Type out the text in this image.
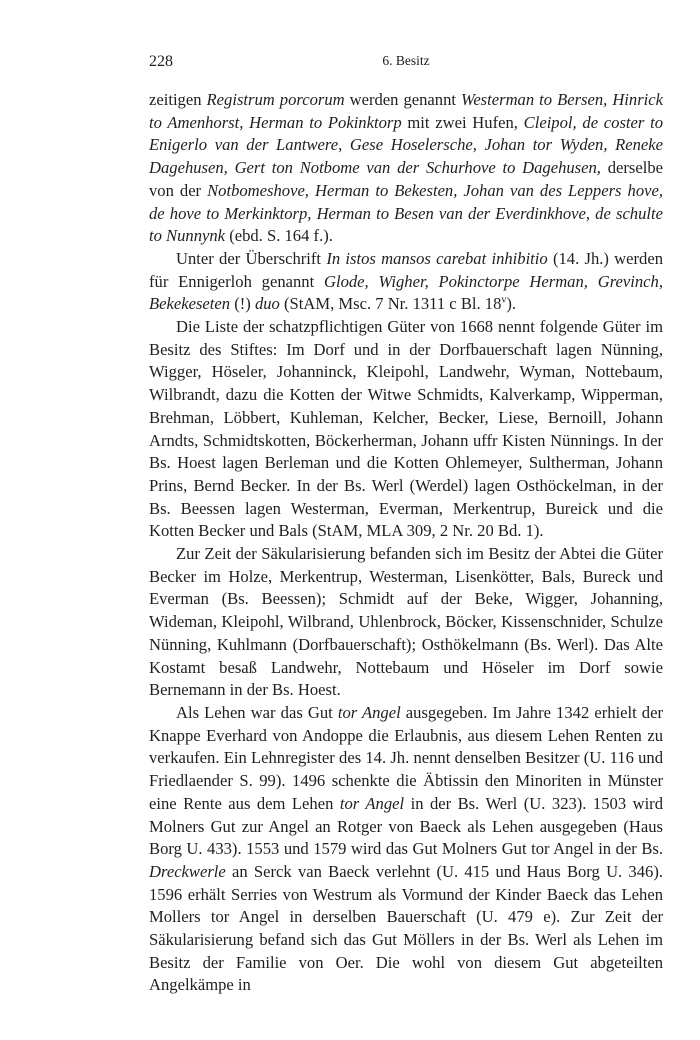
228	6. Besitz

zeitigen Registrum porcorum werden genannt Westerman to Bersen, Hinrick to Amenhorst, Herman to Pokinktorp mit zwei Hufen, Cleipol, de coster to Enigerlo van der Lantwere, Gese Hoselersche, Johan tor Wyden, Reneke Dagehusen, Gert ton Notbome van der Schurhove to Dagehusen, derselbe von der Notbomeshove, Herman to Bekesten, Johan van des Leppers hove, de hove to Merkinktorp, Herman to Besen van der Everdinkhove, de schulte to Nunnynk (ebd. S. 164 f.).

Unter der Überschrift In istos mansos carebat inhibitio (14. Jh.) werden für Ennigerloh genannt Glode, Wigher, Pokinctorpe Herman, Grevinch, Bekekeseten (!) duo (StAM, Msc. 7 Nr. 1311 c Bl. 18$^v$).

Die Liste der schatzpflichtigen Güter von 1668 nennt folgende Güter im Besitz des Stiftes: Im Dorf und in der Dorfbauerschaft lagen Nünning, Wigger, Höseler, Johanninck, Kleipohl, Landwehr, Wyman, Nottebaum, Wilbrandt, dazu die Kotten der Witwe Schmidts, Kalverkamp, Wipperman, Brehman, Löbbert, Kuhleman, Kelcher, Becker, Liese, Bernoill, Johann Arndts, Schmidtskotten, Böckerherman, Johann uffr Kisten Nünnings. In der Bs. Hoest lagen Berleman und die Kotten Ohlemeyer, Sultherman, Johann Prins, Bernd Becker. In der Bs. Werl (Werdel) lagen Osthöckelman, in der Bs. Beessen lagen Westerman, Everman, Merkentrup, Bureick und die Kotten Becker und Bals (StAM, MLA 309, 2 Nr. 20 Bd. 1).

Zur Zeit der Säkularisierung befanden sich im Besitz der Abtei die Güter Becker im Holze, Merkentrup, Westerman, Lisenkötter, Bals, Bureck und Everman (Bs. Beessen); Schmidt auf der Beke, Wigger, Johanning, Wideman, Kleipohl, Wilbrand, Uhlenbrock, Böcker, Kissenschnider, Schulze Nünning, Kuhlmann (Dorfbauerschaft); Osthökelmann (Bs. Werl). Das Alte Kostamt besaß Landwehr, Nottebaum und Höseler im Dorf sowie Bernemann in der Bs. Hoest.

Als Lehen war das Gut tor Angel ausgegeben. Im Jahre 1342 erhielt der Knappe Everhard von Andoppe die Erlaubnis, aus diesem Lehen Renten zu verkaufen. Ein Lehnregister des 14. Jh. nennt denselben Besitzer (U. 116 und Friedlaender S. 99). 1496 schenkte die Äbtissin den Minoriten in Münster eine Rente aus dem Lehen tor Angel in der Bs. Werl (U. 323). 1503 wird Molners Gut zur Angel an Rotger von Baeck als Lehen ausgegeben (Haus Borg U. 433). 1553 und 1579 wird das Gut Molners Gut tor Angel in der Bs. Dreckwerle an Serck van Baeck verlehnt (U. 415 und Haus Borg U. 346). 1596 erhält Serries von Westrum als Vormund der Kinder Baeck das Lehen Mollers tor Angel in derselben Bauerschaft (U. 479 e). Zur Zeit der Säkularisierung befand sich das Gut Möllers in der Bs. Werl als Lehen im Besitz der Familie von Oer. Die wohl von diesem Gut abgeteilten Angelkämpe in
